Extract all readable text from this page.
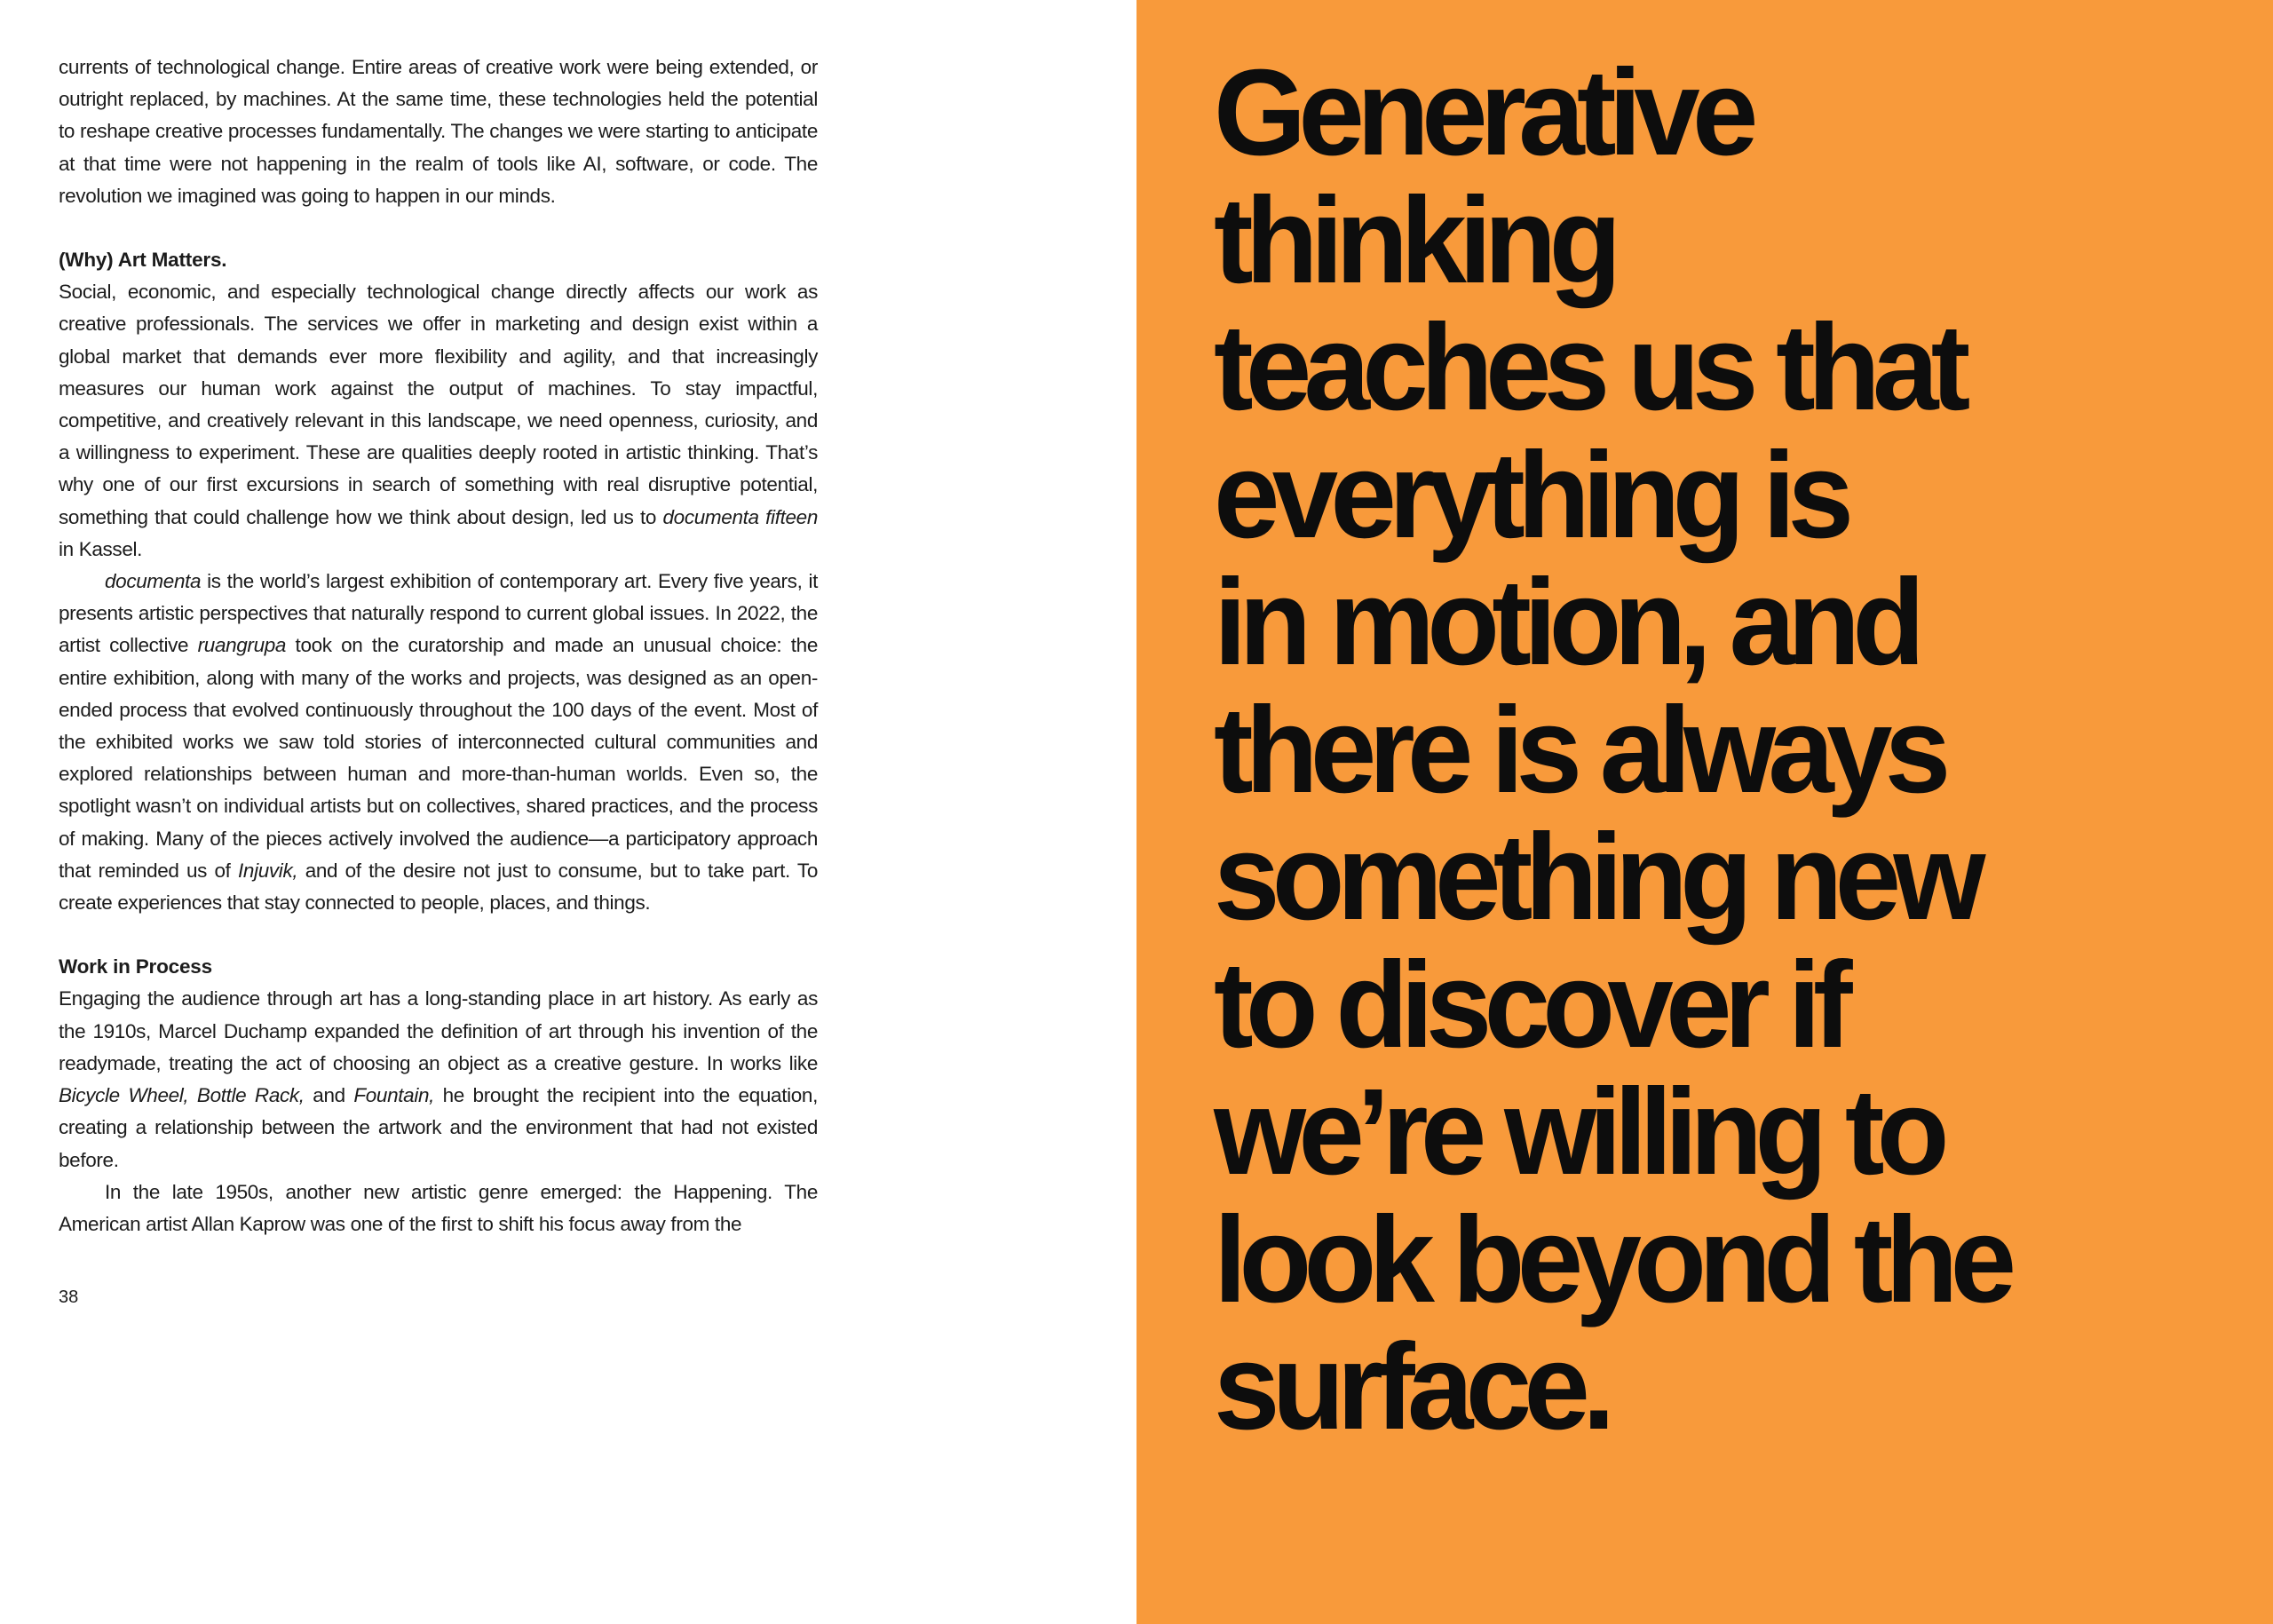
currents of technological change. Entire areas of creative work were being extended, or outright replaced, by machines. At the same time, these technologies held the potential to reshape creative processes fundamentally. The changes we were starting to anticipate at that time were not happening in the realm of tools like AI, software, or code. The revolution we imagined was going to happen in our minds.

(Why) Art Matters.

Social, economic, and especially technological change directly affects our work as creative professionals. The services we offer in marketing and design exist within a global market that demands ever more flexibility and agility, and that increasingly measures our human work against the output of machines. To stay impactful, competitive, and creatively relevant in this landscape, we need openness, curiosity, and a willingness to experiment. These are qualities deeply rooted in artistic thinking. That’s why one of our first excursions in search of something with real disruptive potential, something that could challenge how we think about design, led us to documenta fifteen in Kassel.

documenta is the world’s largest exhibition of contemporary art. Every five years, it presents artistic perspectives that naturally respond to current global issues. In 2022, the artist collective ruangrupa took on the curatorship and made an unusual choice: the entire exhibition, along with many of the works and projects, was designed as an open-ended process that evolved continuously throughout the 100 days of the event. Most of the exhibited works we saw told stories of interconnected cultural communities and explored relationships between human and more-than-human worlds. Even so, the spotlight wasn’t on individual artists but on collectives, shared practices, and the process of making. Many of the pieces actively involved the audience—a participatory approach that reminded us of Injuvik, and of the desire not just to consume, but to take part. To create experiences that stay connected to people, places, and things.

Work in Process

Engaging the audience through art has a long-standing place in art history. As early as the 1910s, Marcel Duchamp expanded the definition of art through his invention of the readymade, treating the act of choosing an object as a creative gesture. In works like Bicycle Wheel, Bottle Rack, and Fountain, he brought the recipient into the equation, creating a relationship between the artwork and the environment that had not existed before.

In the late 1950s, another new artistic genre emerged: the Happening. The American artist Allan Kaprow was one of the first to shift his focus away from the

38

Generative
thinking
teaches us that
everything is
in motion, and
there is always
something new
to discover if
we’re willing to
look beyond the
surface.
